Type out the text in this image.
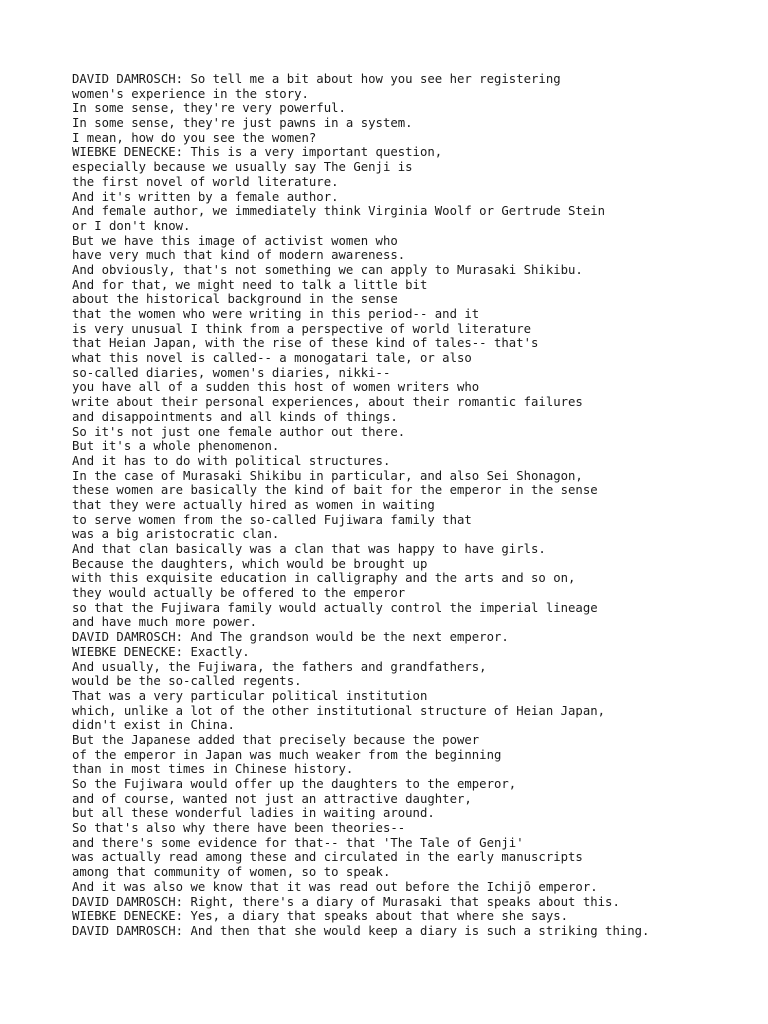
DAVID DAMROSCH: So tell me a bit about how you see her registering
women's experience in the story.
In some sense, they're very powerful.
In some sense, they're just pawns in a system.
I mean, how do you see the women?
WIEBKE DENECKE: This is a very important question,
especially because we usually say The Genji is
the first novel of world literature.
And it's written by a female author.
And female author, we immediately think Virginia Woolf or Gertrude Stein
or I don't know.
But we have this image of activist women who
have very much that kind of modern awareness.
And obviously, that's not something we can apply to Murasaki Shikibu.
And for that, we might need to talk a little bit
about the historical background in the sense
that the women who were writing in this period-- and it
is very unusual I think from a perspective of world literature
that Heian Japan, with the rise of these kind of tales-- that's
what this novel is called-- a monogatari tale, or also
so-called diaries, women's diaries, nikki--
you have all of a sudden this host of women writers who
write about their personal experiences, about their romantic failures
and disappointments and all kinds of things.
So it's not just one female author out there.
But it's a whole phenomenon.
And it has to do with political structures.
In the case of Murasaki Shikibu in particular, and also Sei Shonagon,
these women are basically the kind of bait for the emperor in the sense
that they were actually hired as women in waiting
to serve women from the so-called Fujiwara family that
was a big aristocratic clan.
And that clan basically was a clan that was happy to have girls.
Because the daughters, which would be brought up
with this exquisite education in calligraphy and the arts and so on,
they would actually be offered to the emperor
so that the Fujiwara family would actually control the imperial lineage
and have much more power.
DAVID DAMROSCH: And The grandson would be the next emperor.
WIEBKE DENECKE: Exactly.
And usually, the Fujiwara, the fathers and grandfathers,
would be the so-called regents.
That was a very particular political institution
which, unlike a lot of the other institutional structure of Heian Japan,
didn't exist in China.
But the Japanese added that precisely because the power
of the emperor in Japan was much weaker from the beginning
than in most times in Chinese history.
So the Fujiwara would offer up the daughters to the emperor,
and of course, wanted not just an attractive daughter,
but all these wonderful ladies in waiting around.
So that's also why there have been theories--
and there's some evidence for that-- that 'The Tale of Genji'
was actually read among these and circulated in the early manuscripts
among that community of women, so to speak.
And it was also we know that it was read out before the Ichijō emperor.
DAVID DAMROSCH: Right, there's a diary of Murasaki that speaks about this.
WIEBKE DENECKE: Yes, a diary that speaks about that where she says.
DAVID DAMROSCH: And then that she would keep a diary is such a striking thing.
